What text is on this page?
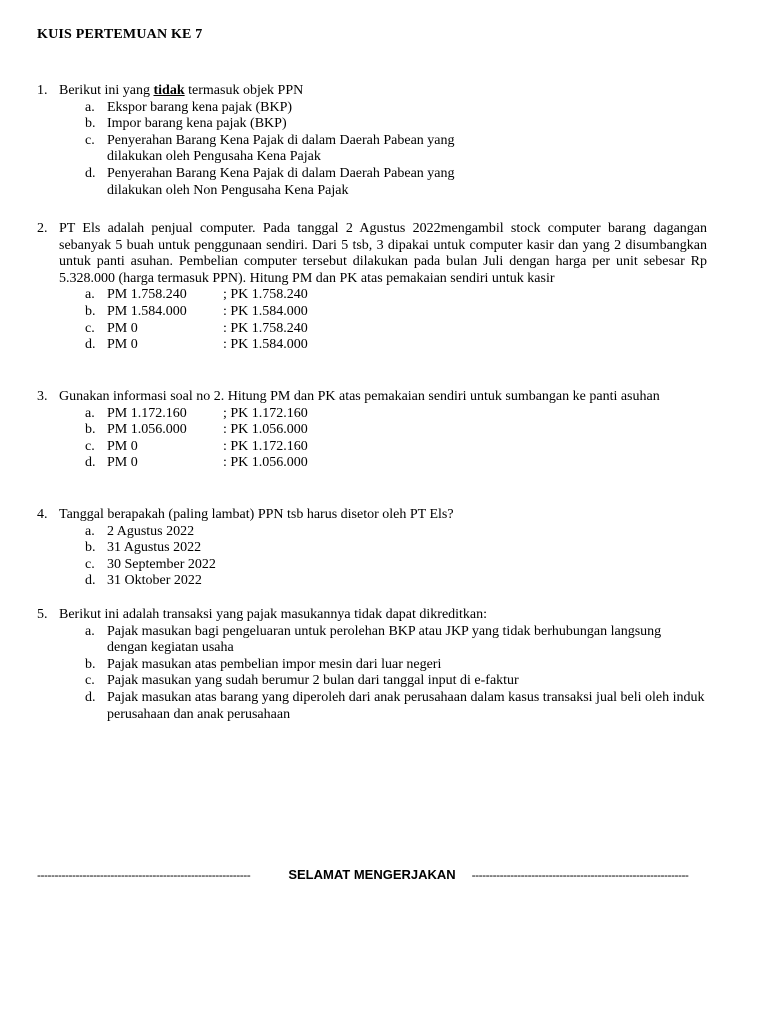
KUIS PERTEMUAN KE 7
1. Berikut ini yang tidak termasuk objek PPN
a. Ekspor barang kena pajak (BKP)
b. Impor barang kena pajak (BKP)
c. Penyerahan Barang Kena Pajak di dalam Daerah Pabean yang dilakukan oleh Pengusaha Kena Pajak
d. Penyerahan Barang Kena Pajak di dalam Daerah Pabean yang dilakukan oleh Non Pengusaha Kena Pajak
2. PT Els adalah penjual computer. Pada tanggal 2 Agustus 2022mengambil stock computer barang dagangan sebanyak 5 buah untuk penggunaan sendiri. Dari 5 tsb, 3 dipakai untuk computer kasir dan yang 2 disumbangkan untuk panti asuhan. Pembelian computer tersebut dilakukan pada bulan Juli dengan harga per unit sebesar Rp 5.328.000 (harga termasuk PPN). Hitung PM dan PK atas pemakaian sendiri untuk kasir
a. PM 1.758.240	; PK 1.758.240
b. PM 1.584.000	: PK 1.584.000
c. PM 0	: PK 1.758.240
d. PM 0	: PK 1.584.000
3. Gunakan informasi soal no 2. Hitung PM dan PK atas pemakaian sendiri untuk sumbangan ke panti asuhan
a. PM 1.172.160	; PK 1.172.160
b. PM 1.056.000	: PK 1.056.000
c. PM 0	: PK 1.172.160
d. PM 0	: PK 1.056.000
4. Tanggal berapakah (paling lambat) PPN tsb harus disetor oleh PT Els?
a. 2 Agustus 2022
b. 31 Agustus 2022
c. 30 September 2022
d. 31 Oktober 2022
5. Berikut ini adalah transaksi yang pajak masukannya tidak dapat dikreditkan:
a. Pajak masukan bagi pengeluaran untuk perolehan BKP atau JKP yang tidak berhubungan langsung dengan kegiatan usaha
b. Pajak masukan atas pembelian impor mesin dari luar negeri
c. Pajak masukan yang sudah berumur 2 bulan dari tanggal input di e-faktur
d. Pajak masukan atas barang yang diperoleh dari anak perusahaan dalam kasus transaksi jual beli oleh induk perusahaan dan anak perusahaan
-------------------------------------------------------------	SELAMAT MENGERJAKAN	--------------------------------------------------------------
